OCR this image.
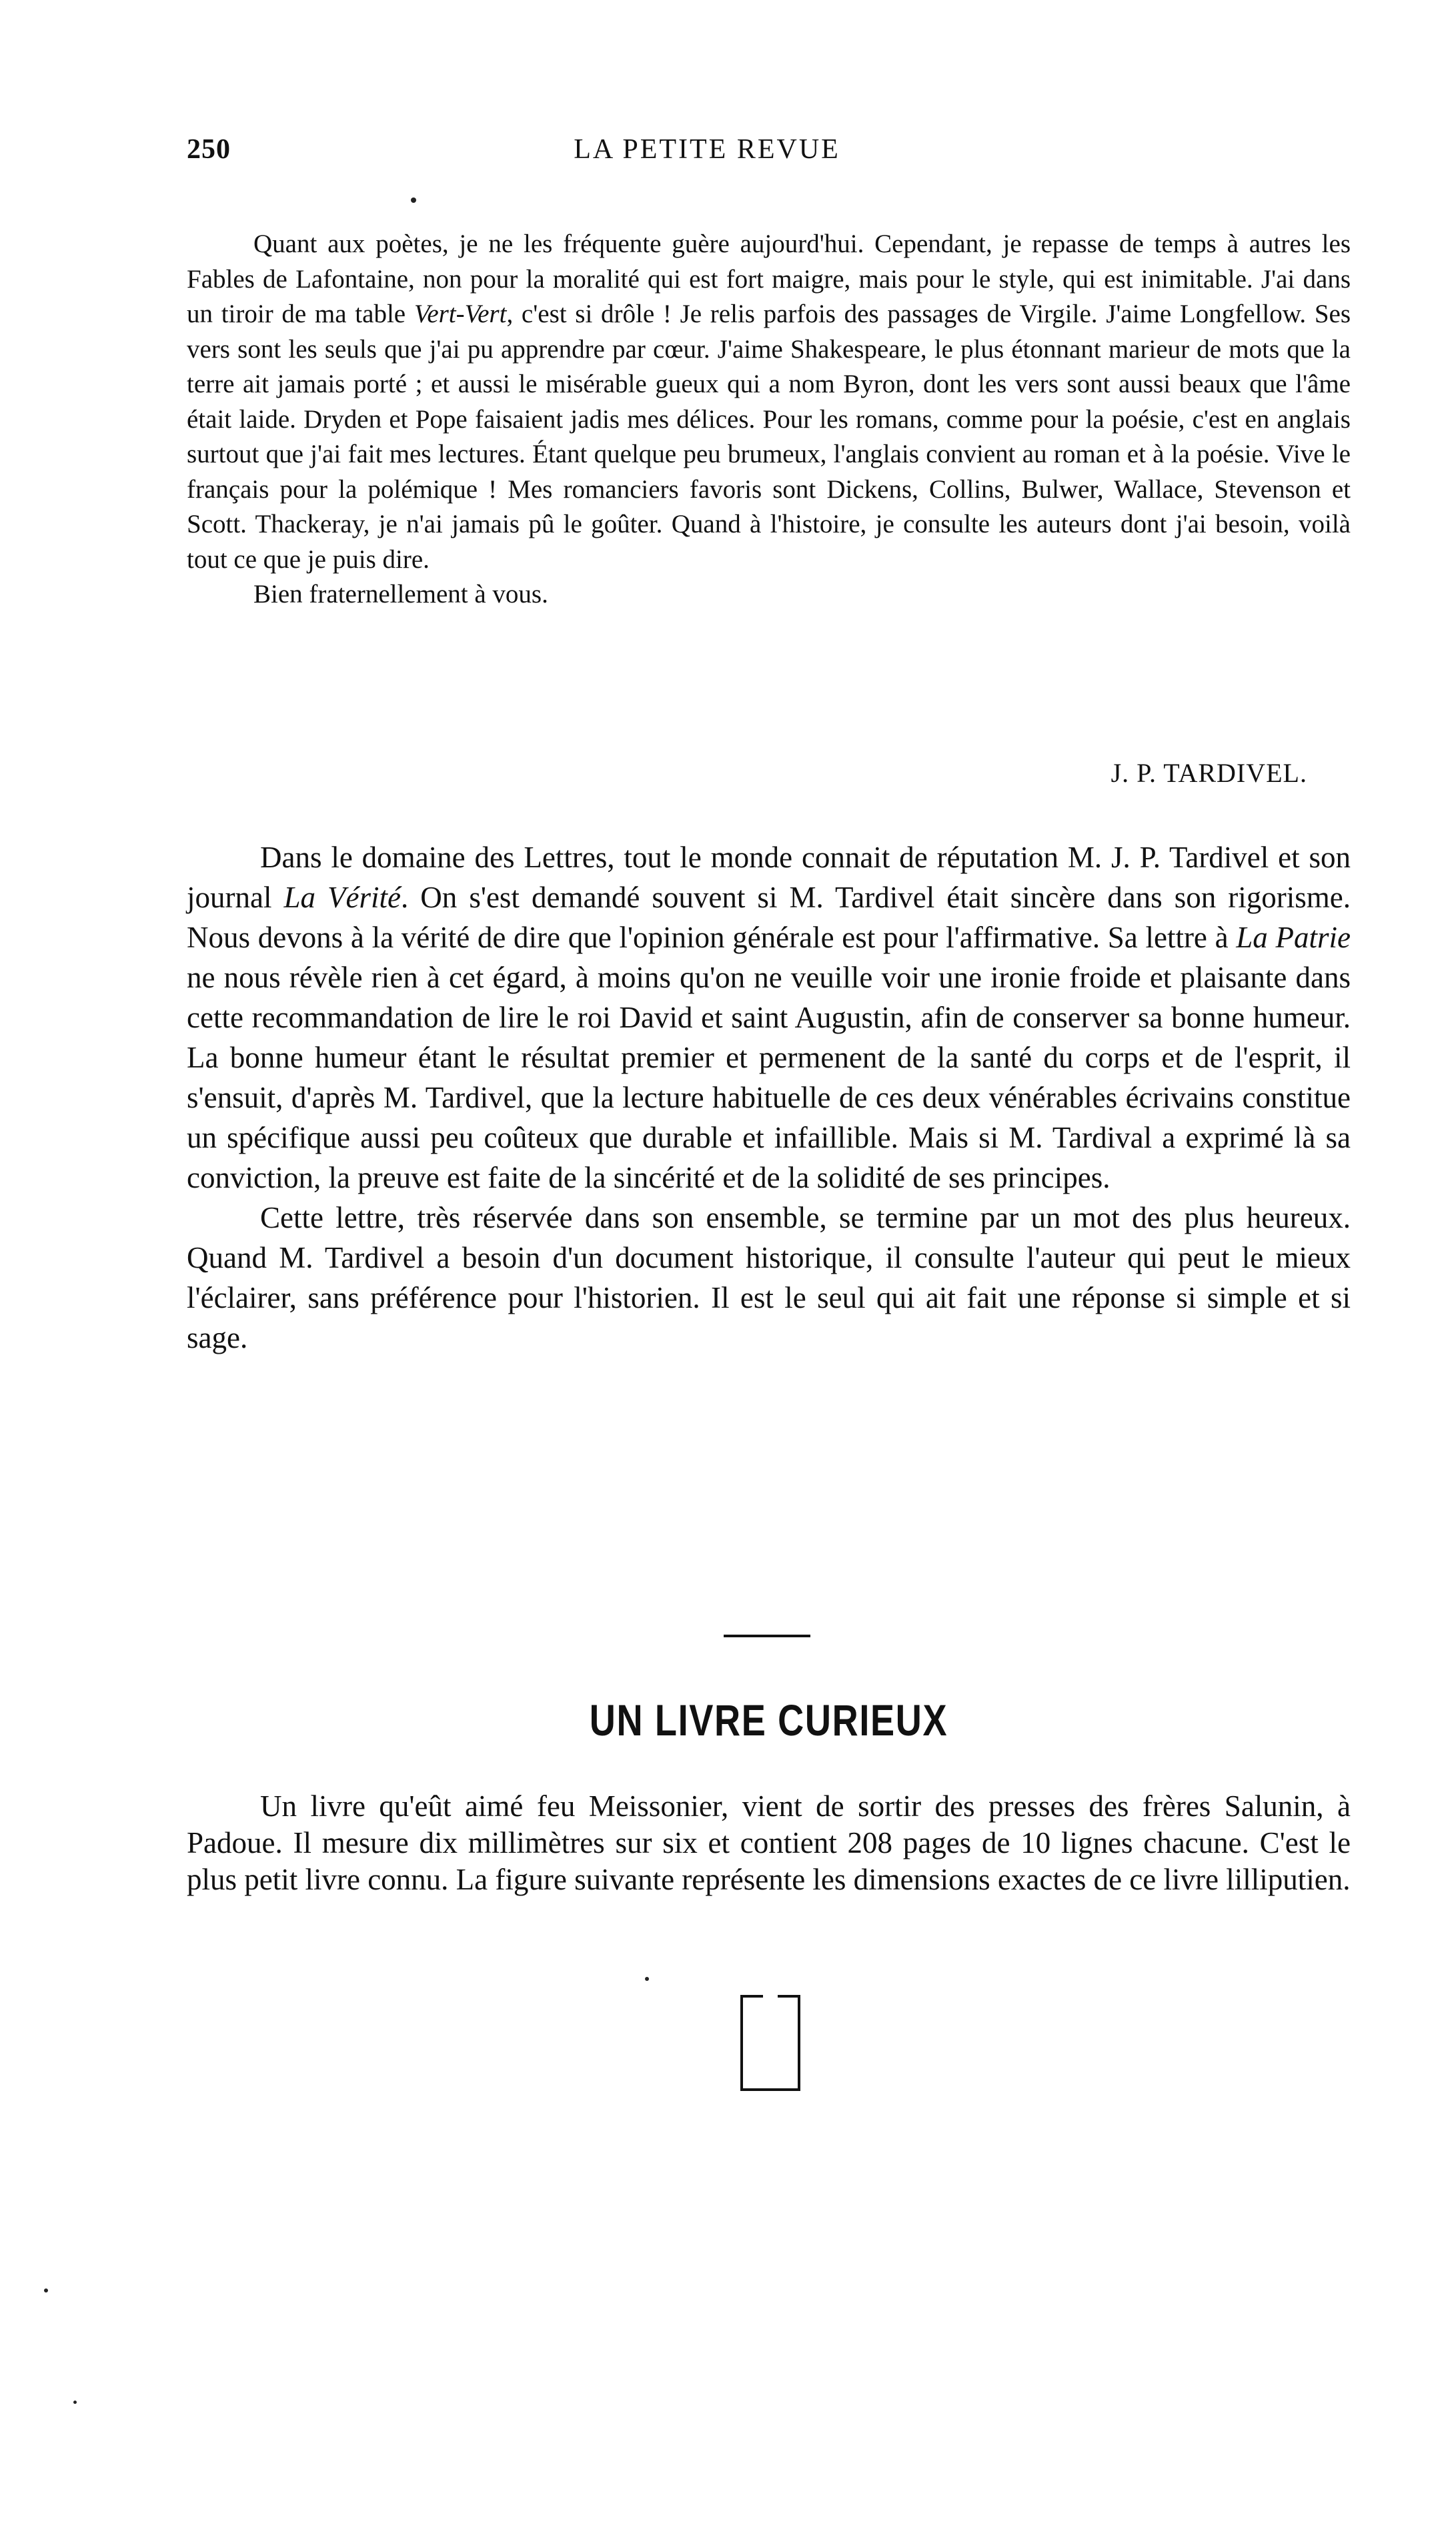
250	LA PETITE REVUE

Quant aux poètes, je ne les fréquente guère aujourd'hui. Cependant, je repasse de temps à autres les Fables de Lafontaine, non pour la moralité qui est fort maigre, mais pour le style, qui est inimitable. J'ai dans un tiroir de ma table Vert-Vert, c'est si drôle ! Je relis parfois des passages de Virgile. J'aime Longfellow. Ses vers sont les seuls que j'ai pu apprendre par cœur. J'aime Shakespeare, le plus étonnant marieur de mots que la terre ait jamais porté ; et aussi le misérable gueux qui a nom Byron, dont les vers sont aussi beaux que l'âme était laide. Dryden et Pope faisaient jadis mes délices. Pour les romans, comme pour la poésie, c'est en anglais surtout que j'ai fait mes lectures. Étant quelque peu brumeux, l'anglais convient au roman et à la poésie. Vive le français pour la polémique ! Mes romanciers favoris sont Dickens, Collins, Bulwer, Wallace, Stevenson et Scott. Thackeray, je n'ai jamais pû le goûter. Quand à l'histoire, je consulte les auteurs dont j'ai besoin, voilà tout ce que je puis dire.

Bien fraternellement à vous.

J. P. TARDIVEL.

Dans le domaine des Lettres, tout le monde connait de réputation M. J. P. Tardivel et son journal La Vérité. On s'est demandé souvent si M. Tardivel était sincère dans son rigorisme. Nous devons à la vérité de dire que l'opinion générale est pour l'affirmative. Sa lettre à La Patrie ne nous révèle rien à cet égard, à moins qu'on ne veuille voir une ironie froide et plaisante dans cette recommandation de lire le roi David et saint Augustin, afin de conserver sa bonne humeur. La bonne humeur étant le résultat premier et permenent de la santé du corps et de l'esprit, il s'ensuit, d'après M. Tardivel, que la lecture habituelle de ces deux vénérables écrivains constitue un spécifique aussi peu coûteux que durable et infaillible. Mais si M. Tardival a exprimé là sa conviction, la preuve est faite de la sincérité et de la solidité de ses principes.

Cette lettre, très réservée dans son ensemble, se termine par un mot des plus heureux. Quand M. Tardivel a besoin d'un document historique, il consulte l'auteur qui peut le mieux l'éclairer, sans préférence pour l'historien. Il est le seul qui ait fait une réponse si simple et si sage.

UN LIVRE CURIEUX

Un livre qu'eût aimé feu Meissonier, vient de sortir des presses des frères Salunin, à Padoue. Il mesure dix millimètres sur six et contient 208 pages de 10 lignes chacune. C'est le plus petit livre connu. La figure suivante représente les dimensions exactes de ce livre lilliputien.
